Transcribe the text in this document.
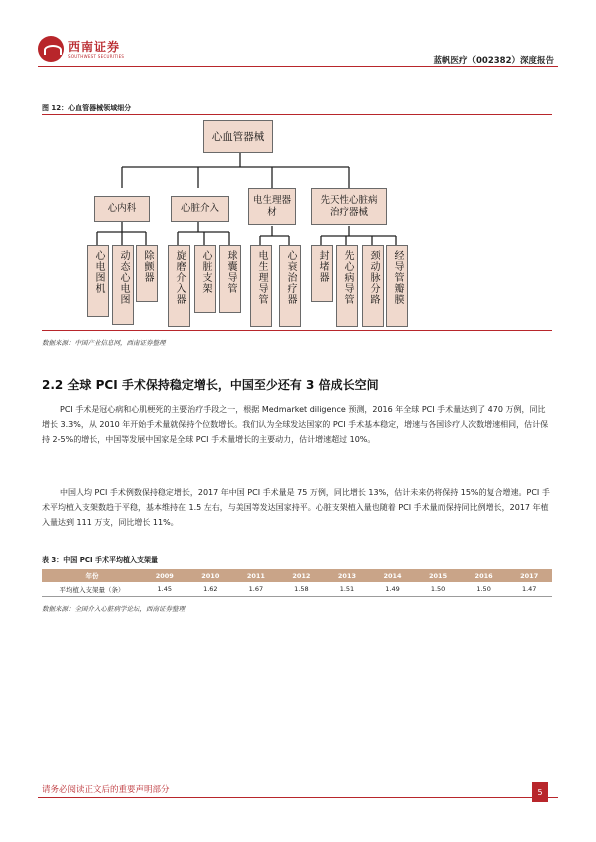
西南证券
SOUTHWEST SECURITIES	蓝帆医疗（002382）深度报告
图 12：心血管器械领域细分
心血管器械
心内科	心脏介入
电生理器材
先天性心脏病治疗器械
心电图机 动态心电图 除颤器 旋磨介入器 心脏支架 球囊导管 电生理导管 心衰治疗器 封堵器 先心病导管 颈动脉分路 经导管瓣膜
数据来源：中国产业信息网，西南证券整理
2.2 全球 PCI 手术保持稳定增长，中国至少还有 3 倍成长空间
PCI 手术是冠心病和心肌梗死的主要治疗手段之一，根据 Medmarket diligence 预测，2016 年全球 PCI 手术量达到了 470 万例，同比增长 3.3%，从 2010 年开始手术量就保持个位数增长。我们认为全球发达国家的 PCI 手术基本稳定，增速与各国诊疗人次数增速相同，估计保持 2-5%的增长，中国等发展中国家是全球 PCI 手术量增长的主要动力，估计增速超过 10%。
中国人均 PCI 手术例数保持稳定增长，2017 年中国 PCI 手术量是 75 万例，同比增长 13%，估计未来仍将保持 15%的复合增速。PCI 手术平均植入支架数趋于平稳，基本维持在 1.5 左右，与美国等发达国家持平。心脏支架植入量也随着 PCI 手术量而保持同比例增长，2017 年植入量达到 111 万支，同比增长 11%。
表 3：中国 PCI 手术平均植入支架量
年份	2009	2010	2011	2012	2013	2014	2015	2016	2017
平均植入支架量（条）	1.45	1.62	1.67	1.58	1.51	1.49	1.50	1.50	1.47
数据来源：全国介入心脏病学论坛，西南证券整理
请务必阅读正文后的重要声明部分	5
